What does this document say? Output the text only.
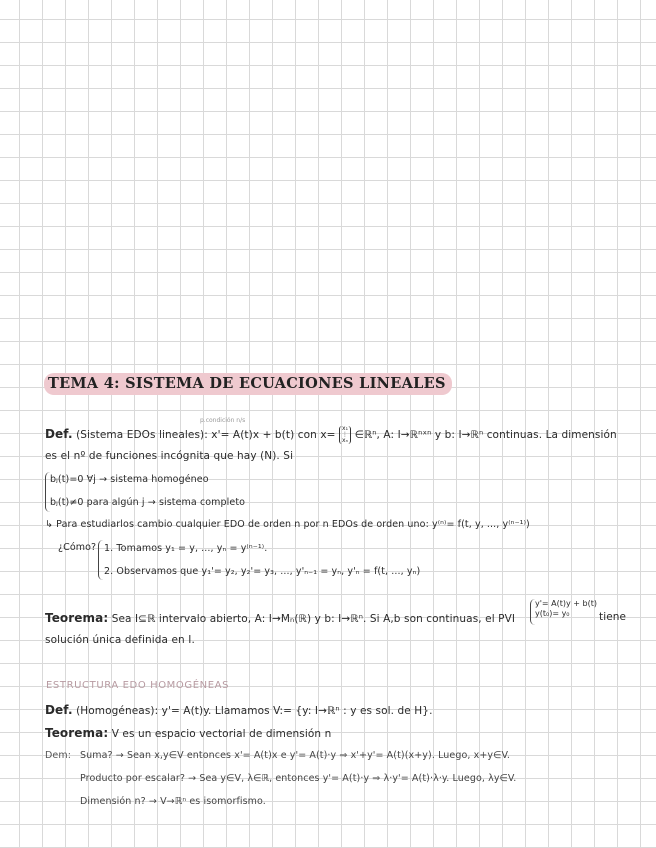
TEMA 4: SISTEMA DE ECUACIONES LINEALES
p.condición n/s
Def. (Sistema EDOs lineales): x'= A(t)x + b(t) con x= x₁
⋮
xₙ ∈ℝⁿ, A: I→ℝⁿˣⁿ y b: I→ℝⁿ continuas. La dimensión
es el nº de funciones incógnita que hay (N). Si
bⱼ(t)=0 ∀j → sistema homogéneo
bⱼ(t)≠0 para algún j → sistema completo
↳ Para estudiarlos cambio cualquier EDO de orden n por n EDOs de orden uno: y⁽ⁿ⁾= f(t, y, ..., y⁽ⁿ⁻¹⁾)
¿Cómo? 1. Tomamos y₁ = y, ..., yₙ = y⁽ⁿ⁻¹⁾.
2. Observamos que y₁'= y₂, y₂'= y₃, ..., y'ₙ₋₁ = yₙ, y'ₙ = f(t, ..., yₙ)
Teorema: Sea I⊆ℝ intervalo abierto, A: I→Mₙ(ℝ) y b: I→ℝⁿ. Si A,b son continuas, el PVI
y'= A(t)y + b(t)
y(t₀)= y₀	tiene
solución única definida en I.
ESTRUCTURA EDO HOMOGÉNEAS
Def. (Homogéneas): y'= A(t)y. Llamamos V:= {y: I→ℝⁿ : y es sol. de H}.
Teorema: V es un espacio vectorial de dimensión n
Dem: Suma? → Sean x,y∈V entonces x'= A(t)x e y'= A(t)·y ⇒ x'+y'= A(t)(x+y). Luego, x+y∈V.
Producto por escalar? → Sea y∈V, λ∈ℝ, entonces y'= A(t)·y ⇒ λ·y'= A(t)·λ·y. Luego, λy∈V.
Dimensión n? → V→ℝⁿ es isomorfismo.
